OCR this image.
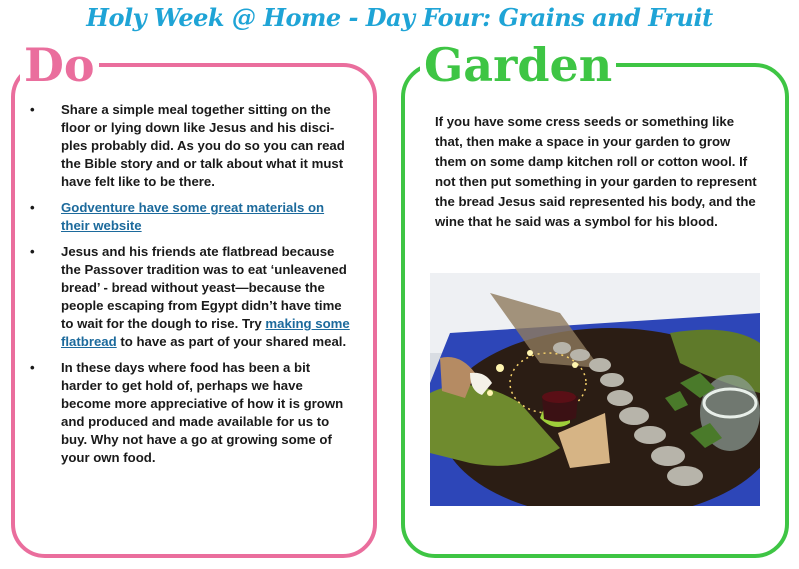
Holy Week @ Home - Day Four: Grains and Fruit
Do
• Share a simple meal together sitting on the floor or lying down like Jesus and his disci-ples probably did. As you do so you can read the Bible story and or talk about what it must have felt like to be there.
• Godventure have some great materials on their website
• Jesus and his friends ate flatbread because the Passover tradition was to eat ‘unleavened bread’ - bread without yeast—because the people escaping from Egypt didn’t have time to wait for the dough to rise. Try making some flatbread to have as part of your shared meal.
• In these days where food has been a bit harder to get hold of, perhaps we have become more appreciative of how it is grown and produced and made available for us to buy. Why not have a go at growing some of your own food.
Garden
If you have some cress seeds or something like that, then make a space in your garden to grow them on some damp kitchen roll or cotton wool. If not then put something in your garden to represent the bread Jesus said represented his body, and the wine that he said was a symbol for his blood.
